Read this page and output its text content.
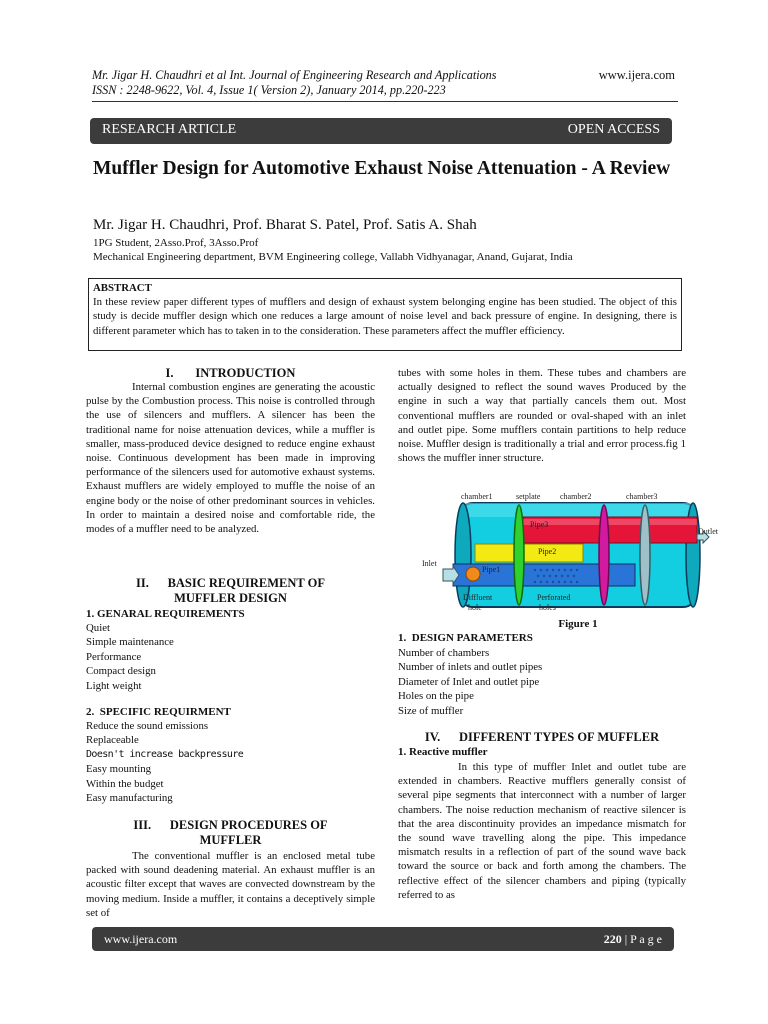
Mr. Jigar H. Chaudhri et al Int. Journal of Engineering Research and Applications
ISSN : 2248-9622, Vol. 4, Issue 1( Version 2), January 2014, pp.220-223
www.ijera.com
RESEARCH ARTICLE	OPEN ACCESS
Muffler Design for Automotive Exhaust Noise Attenuation - A Review
Mr. Jigar H. Chaudhri, Prof. Bharat S. Patel, Prof. Satis A. Shah
1PG Student, 2Asso.Prof, 3Asso.Prof
Mechanical Engineering department, BVM Engineering college, Vallabh Vidhyanagar, Anand, Gujarat, India
ABSTRACT
In these review paper different types of mufflers and design of exhaust system belonging engine has been studied. The object of this study is decide muffler design which one reduces a large amount of noise level and back pressure of engine. In designing, there is different parameter which has to taken in to the consideration. These parameters affect the muffler efficiency.
I.       INTRODUCTION
Internal combustion engines are generating the acoustic pulse by the Combustion process. This noise is controlled through the use of silencers and mufflers. A silencer has been the traditional name for noise attenuation devices, while a muffler is smaller, mass-produced device designed to reduce engine exhaust noise. Continuous development has been made in improving performance of the silencers used for automotive exhaust systems. Exhaust mufflers are widely employed to muffle the noise of an engine body or the noise of other predominant sources in vehicles. In order to maintain a desired noise and comfortable ride, the modes of a muffler need to be analyzed.
II.      BASIC REQUIREMENT OF
MUFFLER DESIGN
1. GENARAL REQUIREMENTS
Quiet
Simple maintenance
Performance
Compact design
Light weight
2.  SPECIFIC REQUIRMENT
Reduce the sound emissions
Replaceable
Doesn't increase backpressure
Easy mounting
Within the budget
Easy manufacturing
III.      DESIGN PROCEDURES OF
MUFFLER
The conventional muffler is an enclosed metal tube packed with sound deadening material. An exhaust muffler is an acoustic filter except that waves are convected downstream by the moving medium. Inside a muffler, it contains a deceptively simple set of
tubes with some holes in them. These tubes and chambers are actually designed to reflect the sound waves Produced by the engine in such a way that partially cancels them out. Most conventional mufflers are rounded or oval-shaped with an inlet and outlet pipe. Some mufflers contain partitions to help reduce noise. Muffler design is traditionally a trial and error process.fig 1 shows the muffler inner structure.
chamber1	setplate chamber2	chamber3
Outlet
Inlet
Pipe3
Pipe2
Pipe1
Diffluent
hole
Perforated
holes
Figure 1
1.  DESIGN PARAMETERS
Number of chambers
Number of inlets and outlet pipes
Diameter of Inlet and outlet pipe
Holes on the pipe
Size of muffler
IV.      DIFFERENT TYPES OF MUFFLER
1. Reactive muffler
In this type of muffler Inlet and outlet tube are extended in chambers. Reactive mufflers generally consist of several pipe segments that interconnect with a number of larger chambers. The noise reduction mechanism of reactive silencer is that the area discontinuity provides an impedance mismatch for the sound wave travelling along the pipe. This impedance mismatch results in a reflection of part of the sound wave back toward the source or back and forth among the chambers. The reflective effect of the silencer chambers and piping (typically referred to as
www.ijera.com	220 | P a g e
